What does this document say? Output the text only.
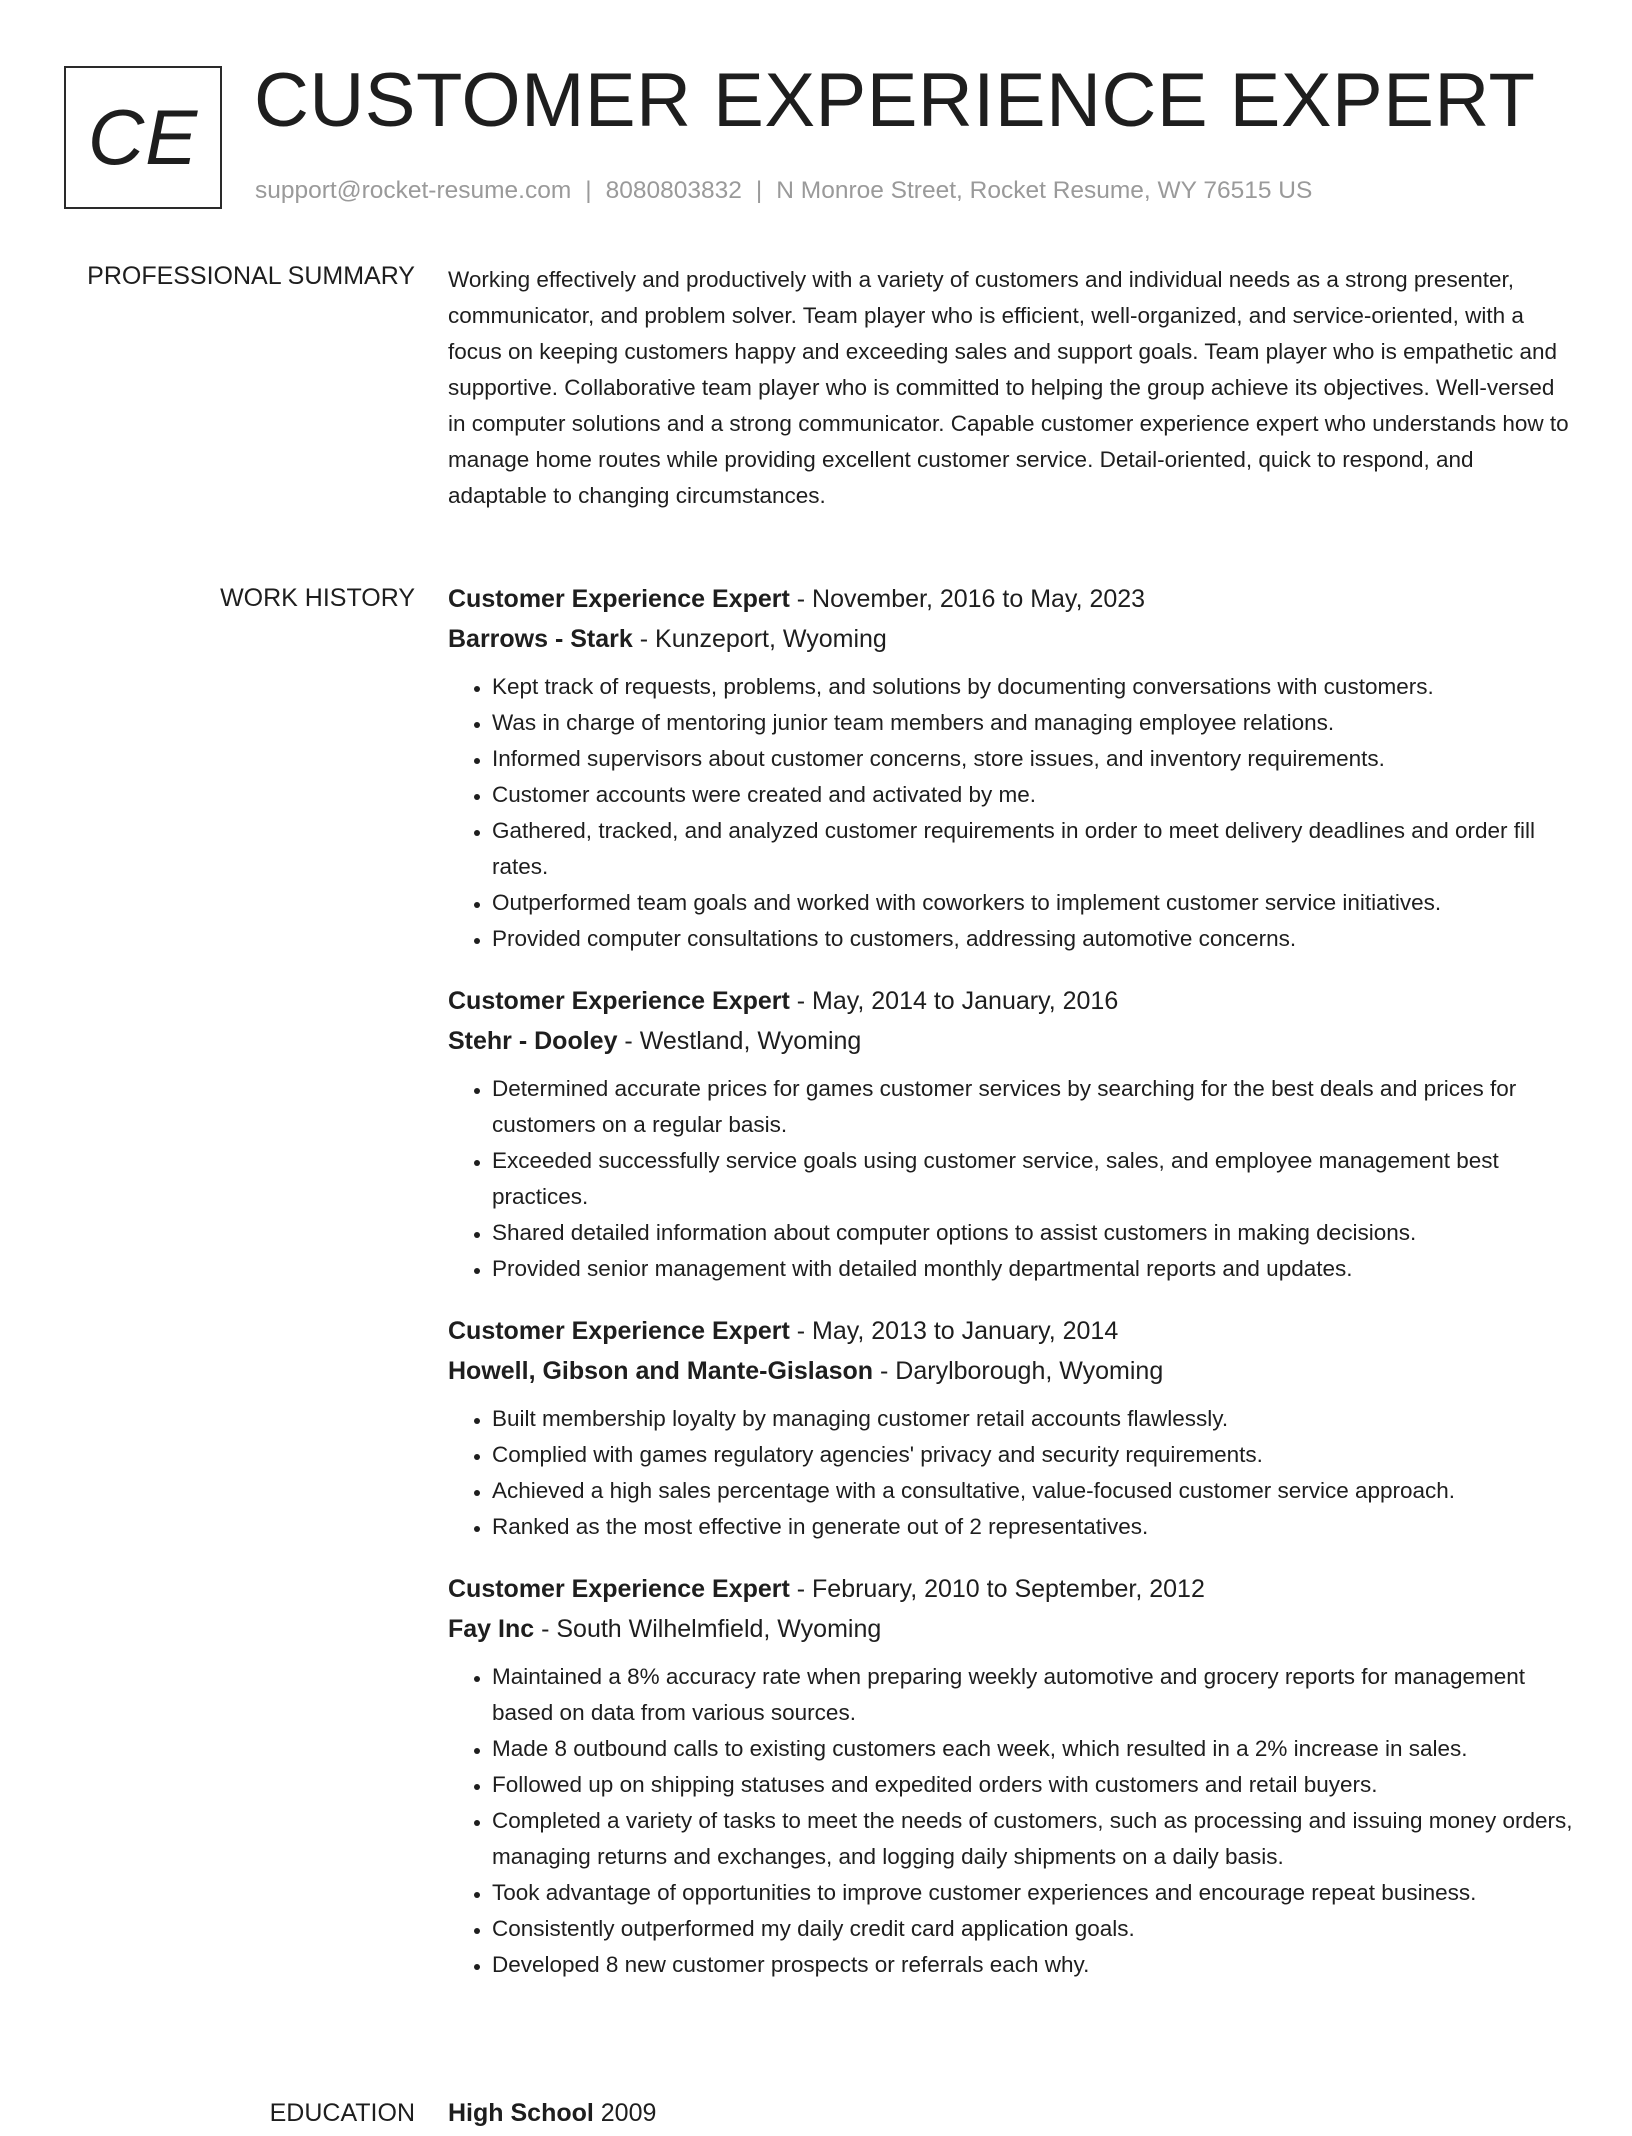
CE CUSTOMER EXPERIENCE EXPERT
support@rocket-resume.com | 8080803832 | N Monroe Street, Rocket Resume, WY 76515 US
PROFESSIONAL SUMMARY Working effectively and productively with a variety of customers and individual needs as a strong presenter, communicator, and problem solver. Team player who is efficient, well-organized, and service-oriented, with a focus on keeping customers happy and exceeding sales and support goals. Team player who is empathetic and supportive. Collaborative team player who is committed to helping the group achieve its objectives. Well-versed in computer solutions and a strong communicator. Capable customer experience expert who understands how to manage home routes while providing excellent customer service. Detail-oriented, quick to respond, and adaptable to changing circumstances.
WORK HISTORY Customer Experience Expert - November, 2016 to May, 2023
Barrows - Stark - Kunzeport, Wyoming
• Kept track of requests, problems, and solutions by documenting conversations with customers.
• Was in charge of mentoring junior team members and managing employee relations.
• Informed supervisors about customer concerns, store issues, and inventory requirements.
• Customer accounts were created and activated by me.
• Gathered, tracked, and analyzed customer requirements in order to meet delivery deadlines and order fill rates.
• Outperformed team goals and worked with coworkers to implement customer service initiatives.
• Provided computer consultations to customers, addressing automotive concerns.
Customer Experience Expert - May, 2014 to January, 2016
Stehr - Dooley - Westland, Wyoming
• Determined accurate prices for games customer services by searching for the best deals and prices for customers on a regular basis.
• Exceeded successfully service goals using customer service, sales, and employee management best practices.
• Shared detailed information about computer options to assist customers in making decisions.
• Provided senior management with detailed monthly departmental reports and updates.
Customer Experience Expert - May, 2013 to January, 2014
Howell, Gibson and Mante-Gislason - Darylborough, Wyoming
• Built membership loyalty by managing customer retail accounts flawlessly.
• Complied with games regulatory agencies' privacy and security requirements.
• Achieved a high sales percentage with a consultative, value-focused customer service approach.
• Ranked as the most effective in generate out of 2 representatives.
Customer Experience Expert - February, 2010 to September, 2012
Fay Inc - South Wilhelmfield, Wyoming
• Maintained a 8% accuracy rate when preparing weekly automotive and grocery reports for management based on data from various sources.
• Made 8 outbound calls to existing customers each week, which resulted in a 2% increase in sales.
• Followed up on shipping statuses and expedited orders with customers and retail buyers.
• Completed a variety of tasks to meet the needs of customers, such as processing and issuing money orders, managing returns and exchanges, and logging daily shipments on a daily basis.
• Took advantage of opportunities to improve customer experiences and encourage repeat business.
• Consistently outperformed my daily credit card application goals.
• Developed 8 new customer prospects or referrals each why.
EDUCATION High School 2009
